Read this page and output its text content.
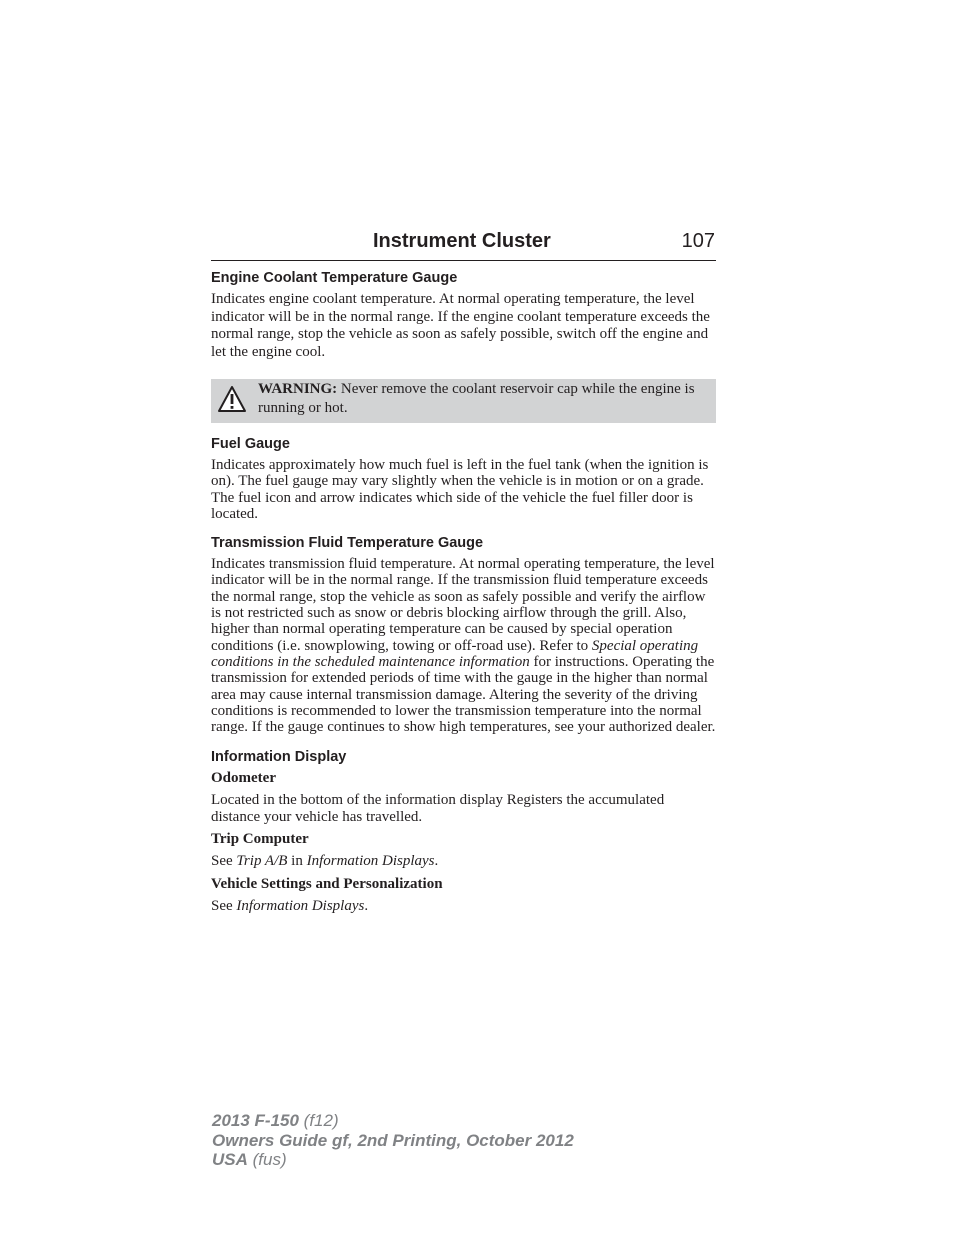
Instrument Cluster	107
Engine Coolant Temperature Gauge

Indicates engine coolant temperature. At normal operating temperature, the level indicator will be in the normal range. If the engine coolant temperature exceeds the normal range, stop the vehicle as soon as safely possible, switch off the engine and let the engine cool.

WARNING: Never remove the coolant reservoir cap while the engine is running or hot.

Fuel Gauge

Indicates approximately how much fuel is left in the fuel tank (when the ignition is on). The fuel gauge may vary slightly when the vehicle is in motion or on a grade. The fuel icon and arrow indicates which side of the vehicle the fuel filler door is located.

Transmission Fluid Temperature Gauge

Indicates transmission fluid temperature. At normal operating temperature, the level indicator will be in the normal range. If the transmission fluid temperature exceeds the normal range, stop the vehicle as soon as safely possible and verify the airflow is not restricted such as snow or debris blocking airflow through the grill. Also, higher than normal operating temperature can be caused by special operation conditions (i.e. snowplowing, towing or off-road use). Refer to Special operating conditions in the scheduled maintenance information for instructions. Operating the transmission for extended periods of time with the gauge in the higher than normal area may cause internal transmission damage. Altering the severity of the driving conditions is recommended to lower the transmission temperature into the normal range. If the gauge continues to show high temperatures, see your authorized dealer.

Information Display
Odometer

Located in the bottom of the information display Registers the accumulated distance your vehicle has travelled.

Trip Computer

See Trip A/B in Information Displays.

Vehicle Settings and Personalization

See Information Displays.

2013 F-150 (f12)
Owners Guide gf, 2nd Printing, October 2012
USA (fus)
